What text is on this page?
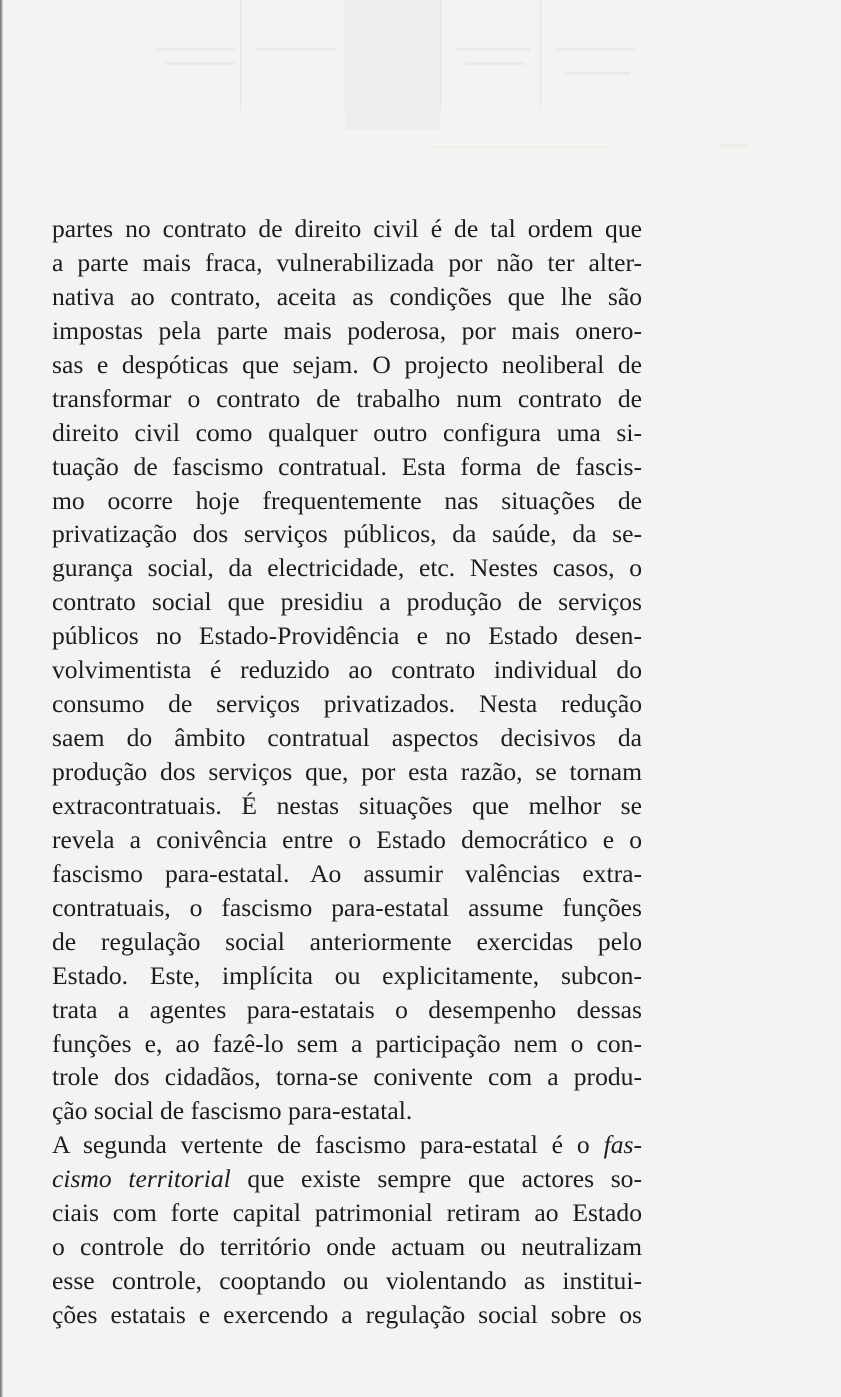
partes no contrato de direito civil é de tal ordem que
a parte mais fraca, vulnerabilizada por não ter alter-
nativa ao contrato, aceita as condições que lhe são
impostas pela parte mais poderosa, por mais onero-
sas e despóticas que sejam. O projecto neoliberal de
transformar o contrato de trabalho num contrato de
direito civil como qualquer outro configura uma si-
tuação de fascismo contratual. Esta forma de fascis-
mo ocorre hoje frequentemente nas situações de
privatização dos serviços públicos, da saúde, da se-
gurança social, da electricidade, etc. Nestes casos, o
contrato social que presidiu a produção de serviços
públicos no Estado-Providência e no Estado desen-
volvimentista é reduzido ao contrato individual do
consumo de serviços privatizados. Nesta redução
saem do âmbito contratual aspectos decisivos da
produção dos serviços que, por esta razão, se tornam
extracontratuais. É nestas situações que melhor se
revela a conivência entre o Estado democrático e o
fascismo para-estatal. Ao assumir valências extra-
contratuais, o fascismo para-estatal assume funções
de regulação social anteriormente exercidas pelo
Estado. Este, implícita ou explicitamente, subcon-
trata a agentes para-estatais o desempenho dessas
funções e, ao fazê-lo sem a participação nem o con-
trole dos cidadãos, torna-se conivente com a produ-
ção social de fascismo para-estatal.
A segunda vertente de fascismo para-estatal é o fas-
cismo territorial que existe sempre que actores so-
ciais com forte capital patrimonial retiram ao Estado
o controle do território onde actuam ou neutralizam
esse controle, cooptando ou violentando as institui-
ções estatais e exercendo a regulação social sobre os
